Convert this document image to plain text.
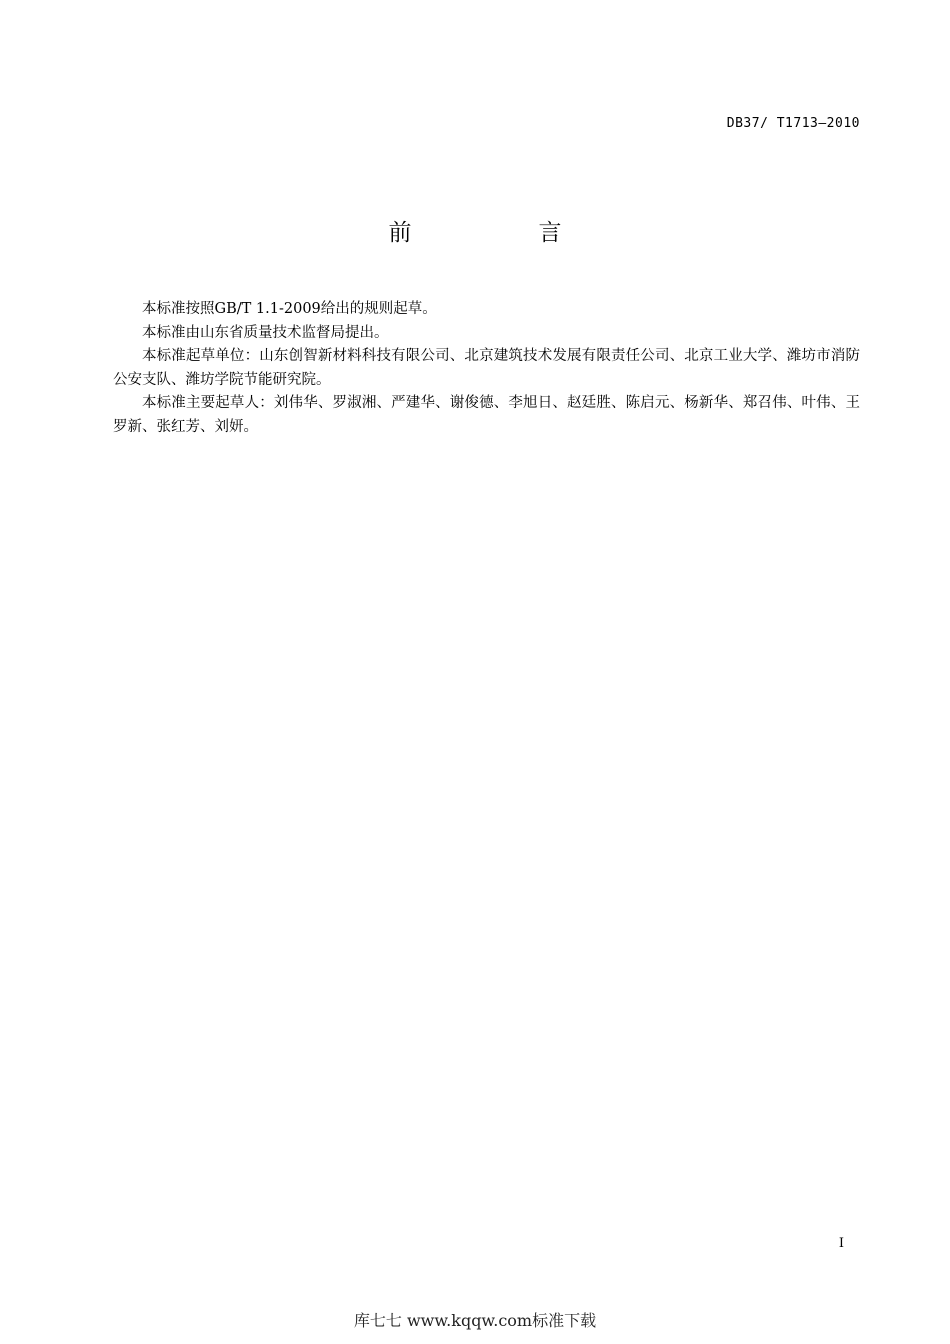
DB37/ T1713—2010
前　言

本标准按照GB/T 1.1-2009给出的规则起草。

本标准由山东省质量技术监督局提出。

本标准起草单位：山东创智新材料科技有限公司、北京建筑技术发展有限责任公司、北京工业大学、潍坊市消防公安支队、潍坊学院节能研究院。

本标准主要起草人：刘伟华、罗淑湘、严建华、谢俊德、李旭日、赵廷胜、陈启元、杨新华、郑召伟、叶伟、王罗新、张红芳、刘妍。

I
库七七 www.kqqw.com标准下载
